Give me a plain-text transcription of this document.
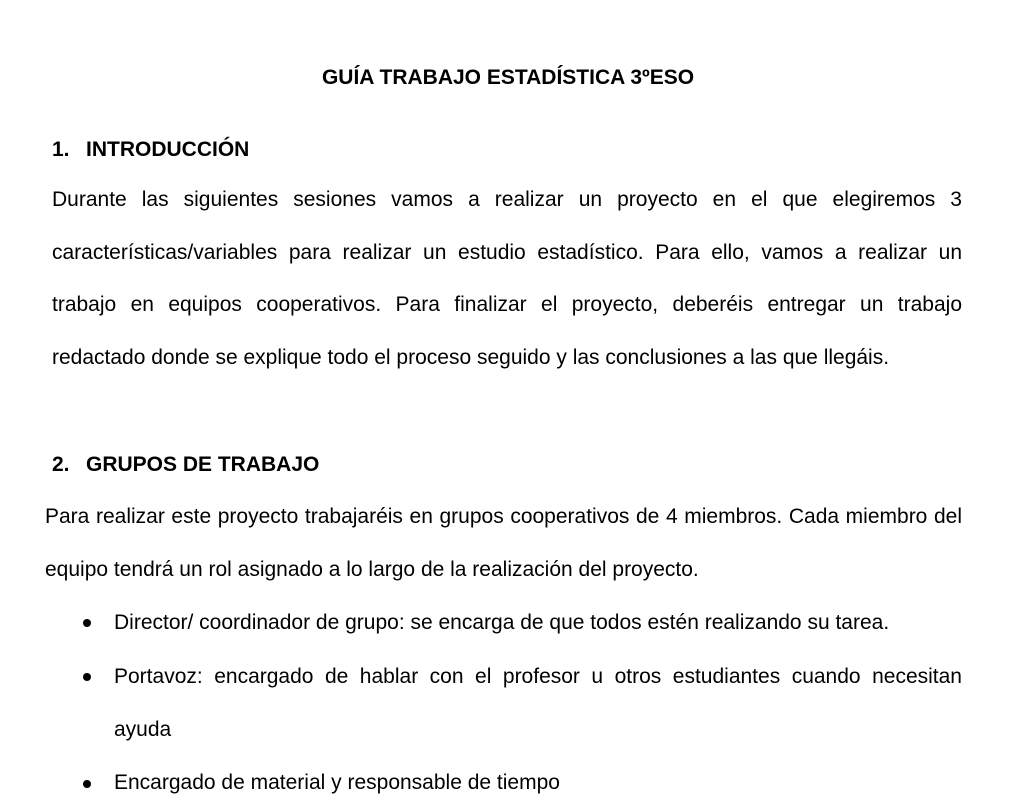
GUÍA TRABAJO ESTADÍSTICA 3ºESO
1. INTRODUCCIÓN

Durante las siguientes sesiones vamos a realizar un proyecto en el que elegiremos 3 características/variables para realizar un estudio estadístico. Para ello, vamos a realizar un trabajo en equipos cooperativos. Para finalizar el proyecto, deberéis entregar un trabajo redactado donde se explique todo el proceso seguido y las conclusiones a las que llegáis.

2. GRUPOS DE TRABAJO

Para realizar este proyecto trabajaréis en grupos cooperativos de 4 miembros. Cada miembro del equipo tendrá un rol asignado a lo largo de la realización del proyecto.

Director/ coordinador de grupo: se encarga de que todos estén realizando su tarea.
Portavoz: encargado de hablar con el profesor u otros estudiantes cuando necesitan ayuda
Encargado de material y responsable de tiempo
